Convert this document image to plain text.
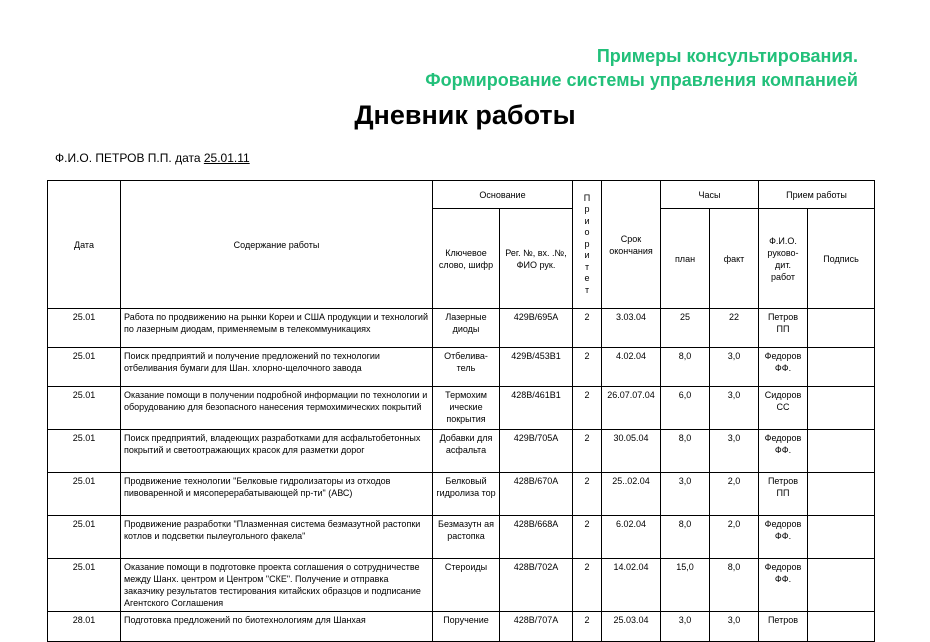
Примеры консультирования.
Формирование системы управления компанией
Дневник работы
Ф.И.О. ПЕТРОВ П.П. дата 25.01.11
Дата	Содержание работы	Основание		Приоритет	Срок окончания	Часы		Прием работы	
		Ключевое слово, шифр	Рег. №, вх. .№, ФИО рук.			план	факт	Ф.И.О. руково-дит. работ	Подпись
25.01	Работа по продвижению на рынки Кореи и США продукции и технологий по лазерным диодам, применяемым в телекоммуникациях	Лазерные диоды	429В/695А	2	3.03.04	25	22	Петров ПП	
25.01	Поиск предприятий и получение предложений по технологии отбеливания бумаги для Шан. хлорно-щелочного завода	Отбелива-тель	429В/453В1	2	4.02.04	8,0	3,0	Федоров ФФ.	
25.01	Оказание помощи в получении подробной информации по технологии и оборудованию для безопасного нанесения термохимических покрытий	Термохим ические покрытия	428В/461В1	2	26.07.07.04	6,0	3,0	Сидоров СС	
25.01	Поиск предприятий, владеющих разработками для асфальтобетонных покрытий и светоотражающих красок для разметки дорог	Добавки для асфальта	429В/705А	2	30.05.04	8,0	3,0	Федоров ФФ.	
25.01	Продвижение технологии "Белковые гидролизаторы из отходов пивоваренной и мясоперерабатывающей пр-ти" (АВС)	Белковый гидролиза тор	428В/670А	2	25..02.04	3,0	2,0	Петров ПП	
25.01	Продвижение разработки "Плазменная система безмазутной растопки котлов и подсветки пылеугольного факела"	Безмазутн ая растопка	428В/668А	2	6.02.04	8,0	2,0	Федоров ФФ.	
25.01	Оказание помощи в подготовке проекта соглашения о сотрудничестве между Шанх. центром и Центром "СКЕ". Получение и отправка заказчику результатов тестирования китайских образцов и подписание Агентского Соглашения	Стероиды	428В/702А	2	14.02.04	15,0	8,0	Федоров ФФ.	
28.01	Подготовка предложений по биотехнологиям для Шанхая	Поручение	428В/707А	2	25.03.04	3,0	3,0	Петров	
